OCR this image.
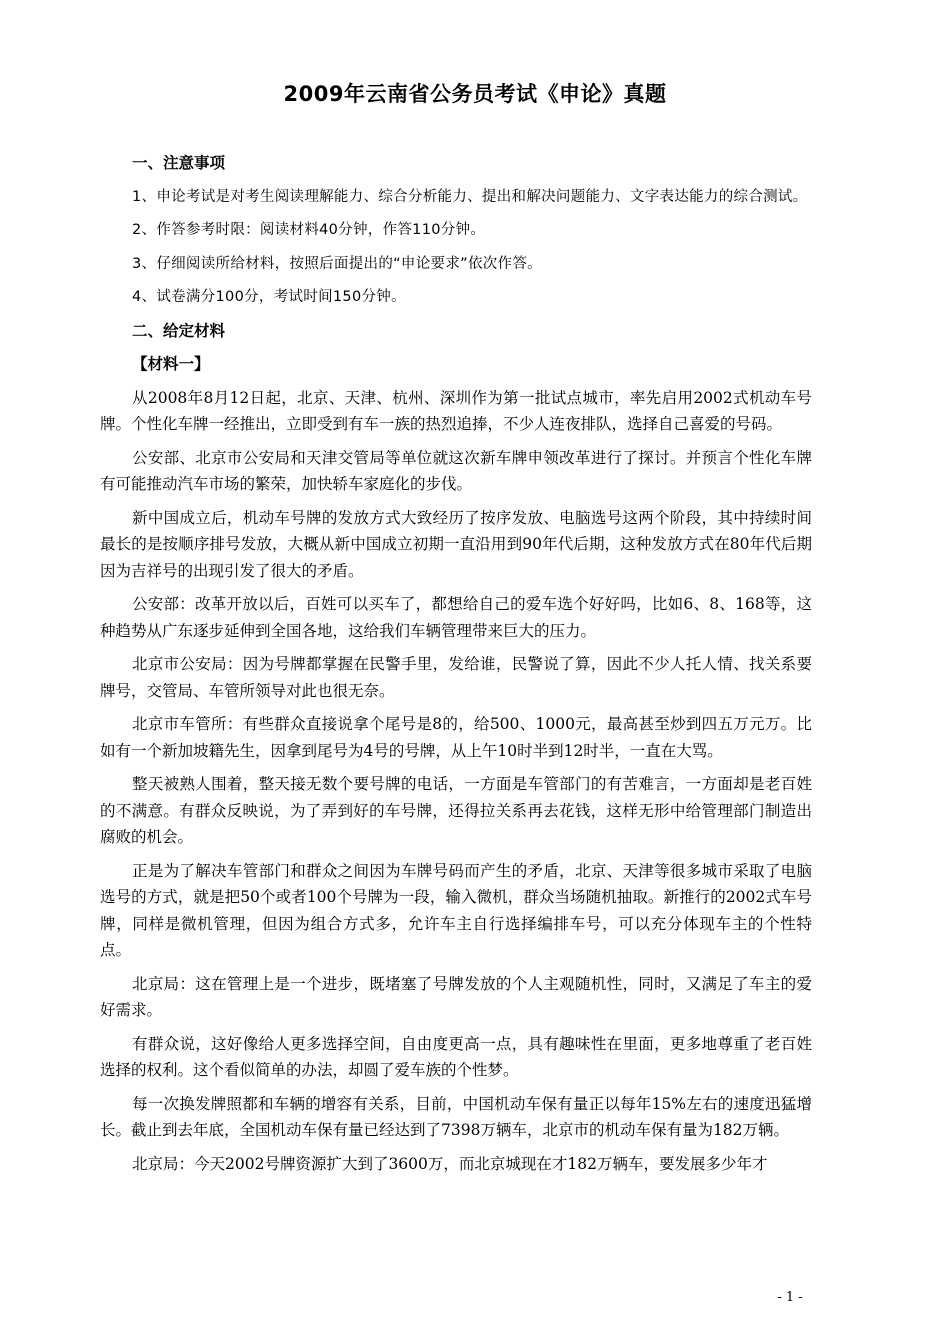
2009年云南省公务员考试《申论》真题
一、注意事项
1、申论考试是对考生阅读理解能力、综合分析能力、提出和解决问题能力、文字表达能力的综合测试。
2、作答参考时限：阅读材料40分钟，作答110分钟。
3、仔细阅读所给材料，按照后面提出的“申论要求”依次作答。
4、试卷满分100分，考试时间150分钟。
二、给定材料
【材料一】

从2008年8月12日起，北京、天津、杭州、深圳作为第一批试点城市，率先启用2002式机动车号牌。个性化车牌一经推出，立即受到有车一族的热烈追捧，不少人连夜排队，选择自己喜爱的号码。

公安部、北京市公安局和天津交管局等单位就这次新车牌申领改革进行了探讨。并预言个性化车牌有可能推动汽车市场的繁荣，加快轿车家庭化的步伐。

新中国成立后，机动车号牌的发放方式大致经历了按序发放、电脑选号这两个阶段，其中持续时间最长的是按顺序排号发放，大概从新中国成立初期一直沿用到90年代后期，这种发放方式在80年代后期因为吉祥号的出现引发了很大的矛盾。

公安部：改革开放以后，百姓可以买车了，都想给自己的爱车选个好好吗，比如6、8、168等，这种趋势从广东逐步延伸到全国各地，这给我们车辆管理带来巨大的压力。

北京市公安局：因为号牌都掌握在民警手里，发给谁，民警说了算，因此不少人托人情、找关系要牌号，交管局、车管所领导对此也很无奈。

北京市车管所：有些群众直接说拿个尾号是8的，给500、1000元，最高甚至炒到四五万元万。比如有一个新加坡籍先生，因拿到尾号为4号的号牌，从上午10时半到12时半，一直在大骂。

整天被熟人围着，整天接无数个要号牌的电话，一方面是车管部门的有苦难言，一方面却是老百姓的不满意。有群众反映说，为了弄到好的车号牌，还得拉关系再去花钱，这样无形中给管理部门制造出腐败的机会。

正是为了解决车管部门和群众之间因为车牌号码而产生的矛盾，北京、天津等很多城市采取了电脑选号的方式，就是把50个或者100个号牌为一段，输入微机，群众当场随机抽取。新推行的2002式车号牌，同样是微机管理，但因为组合方式多，允许车主自行选择编排车号，可以充分体现车主的个性特点。

北京局：这在管理上是一个进步，既堵塞了号牌发放的个人主观随机性，同时，又满足了车主的爱好需求。

有群众说，这好像给人更多选择空间，自由度更高一点，具有趣味性在里面，更多地尊重了老百姓选择的权利。这个看似简单的办法，却圆了爱车族的个性梦。

每一次换发牌照都和车辆的增容有关系，目前，中国机动车保有量正以每年15%左右的速度迅猛增长。截止到去年底，全国机动车保有量已经达到了7398万辆车，北京市的机动车保有量为182万辆。

北京局：今天2002号牌资源扩大到了3600万，而北京城现在才182万辆车，要发展多少年才

- 1 -
